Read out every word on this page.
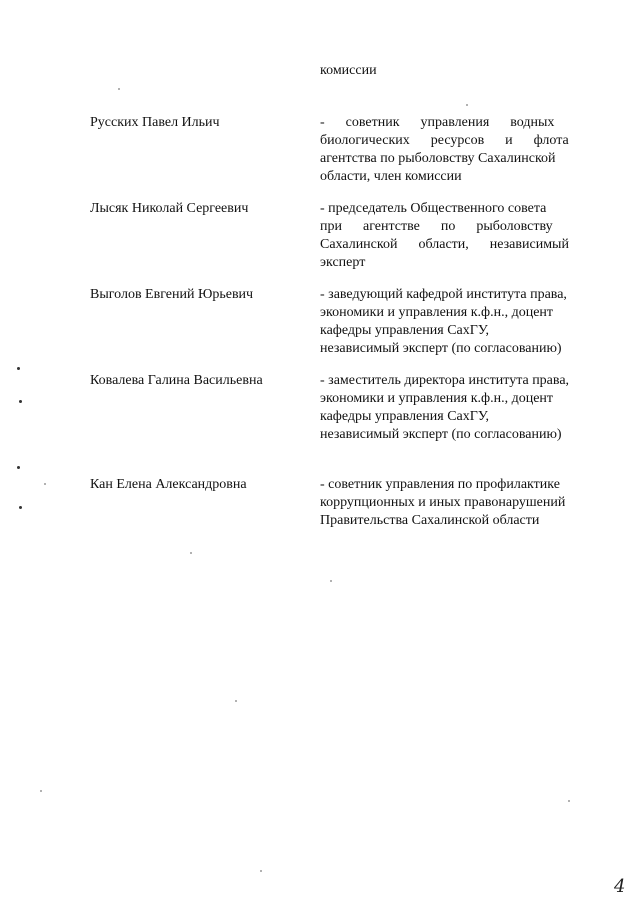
комиссии
Русских Павел Ильич	-      советник      управления      водных
биологических      ресурсов      и      флота
агентства по рыболовству Сахалинской
области, член комиссии
Лысяк Николай Сергеевич	- председатель Общественного совета
при      агентстве      по      рыболовству
Сахалинской      области,      независимый
эксперт
Выголов Евгений Юрьевич	- заведующий кафедрой института права,
экономики и управления к.ф.н., доцент
кафедры управления СахГУ,
независимый эксперт (по согласованию)
Ковалева Галина Васильевна	- заместитель директора института права,
экономики и управления к.ф.н., доцент
кафедры управления СахГУ,
независимый эксперт (по согласованию)
Кан Елена Александровна	- советник управления по профилактике
коррупционных и иных правонарушений
Правительства Сахалинской области
4
